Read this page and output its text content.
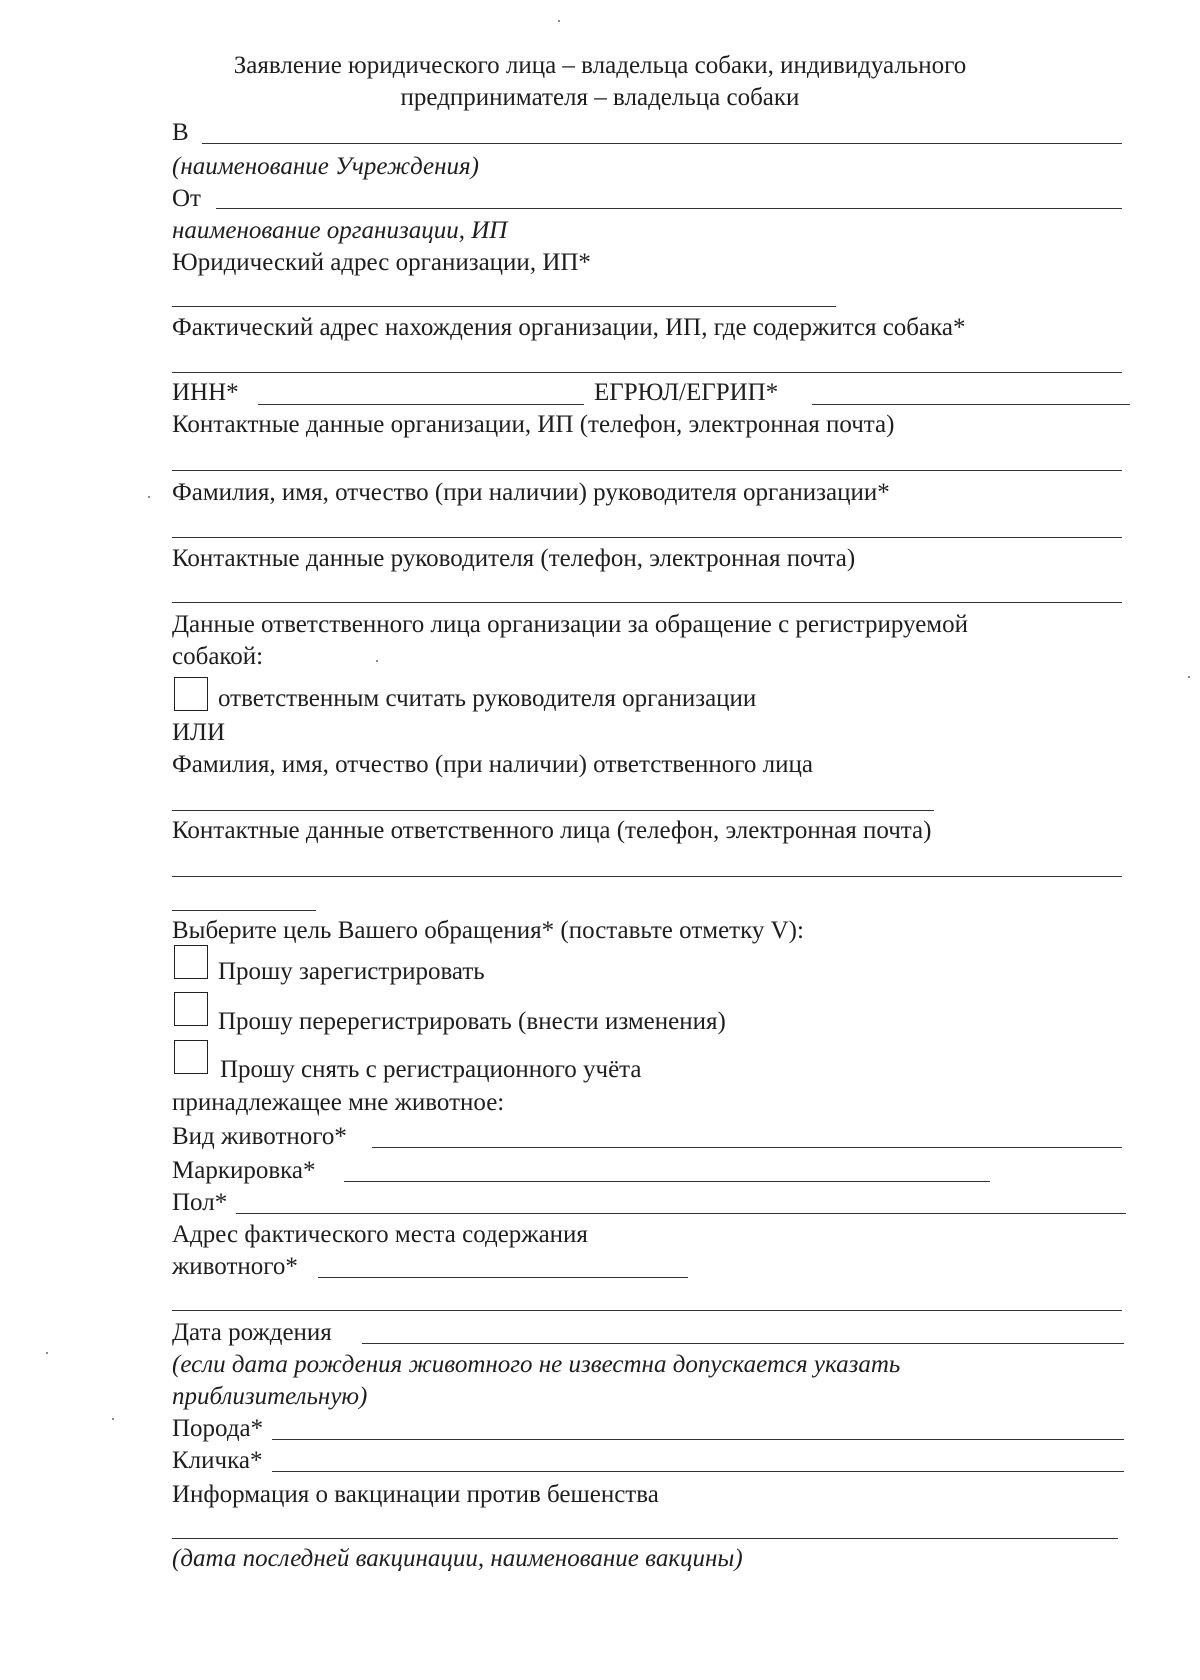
Заявление юридического лица – владельца собаки, индивидуального
предпринимателя – владельца собаки
В
(наименование Учреждения)
От
наименование организации, ИП
Юридический адрес организации, ИП*
Фактический адрес нахождения организации, ИП, где содержится собака*
ИНН*	ЕГРЮЛ/ЕГРИП*
Контактные данные организации, ИП (телефон, электронная почта)
Фамилия, имя, отчество (при наличии) руководителя организации*
Контактные данные руководителя (телефон, электронная почта)
Данные ответственного лица организации за обращение с регистрируемой
собакой:
ответственным считать руководителя организации
ИЛИ
Фамилия, имя, отчество (при наличии) ответственного лица
Контактные данные ответственного лица (телефон, электронная почта)
Выберите цель Вашего обращения* (поставьте отметку V):
Прошу зарегистрировать
Прошу перерегистрировать (внести изменения)
Прошу снять с регистрационного учёта
принадлежащее мне животное:
Вид животного*
Маркировка*
Пол*
Адрес фактического места содержания
животного*
Дата рождения
(если дата рождения животного не известна допускается указать
приблизительную)
Порода*
Кличка*
Информация о вакцинации против бешенства
(дата последней вакцинации, наименование вакцины)
